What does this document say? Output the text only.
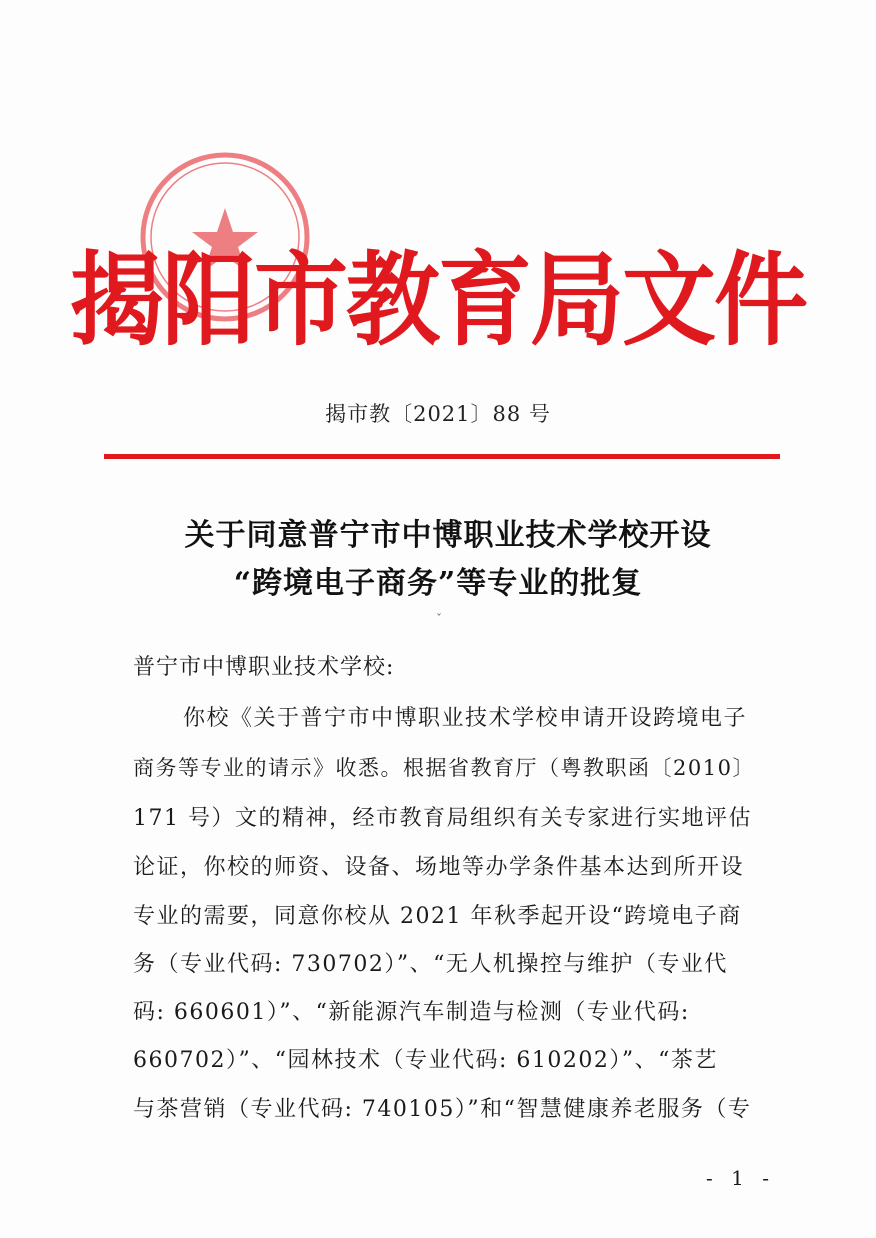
揭阳市教育局文件
揭市教〔2021〕88 号
关于同意普宁市中博职业技术学校开设
“跨境电子商务”等专业的批复
ˇ
普宁市中博职业技术学校:
你校《关于普宁市中博职业技术学校申请开设跨境电子
商务等专业的请示》收悉。根据省教育厅（粤教职函〔2010〕
171 号）文的精神，经市教育局组织有关专家进行实地评估
论证，你校的师资、设备、场地等办学条件基本达到所开设
专业的需要，同意你校从 2021 年秋季起开设“跨境电子商
务（专业代码: 730702）”、“无人机操控与维护（专业代
码: 660601）”、“新能源汽车制造与检测（专业代码:
660702）”、“园林技术（专业代码: 610202）”、“茶艺
与茶营销（专业代码: 740105）”和“智慧健康养老服务（专
- 1 -
